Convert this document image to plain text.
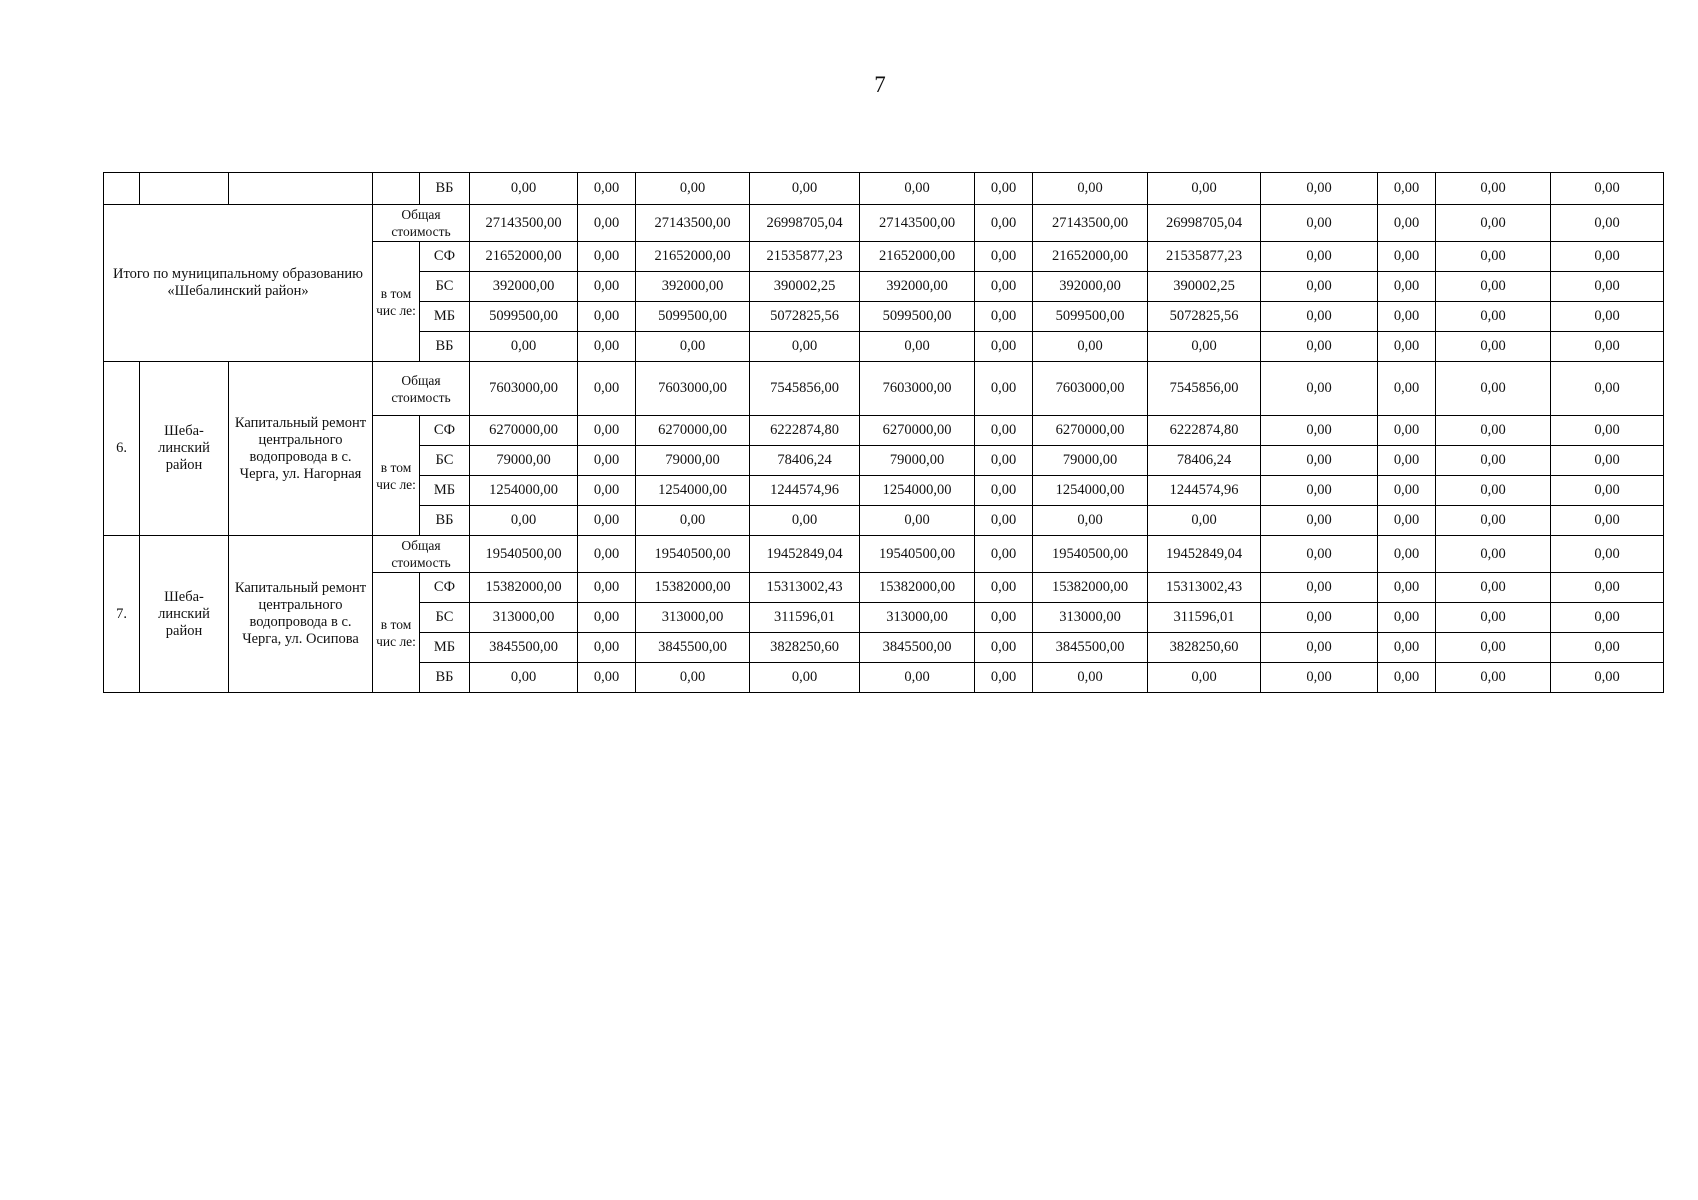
7
				ВБ	0,00	0,00	0,00	0,00	0,00	0,00	0,00	0,00	0,00	0,00	0,00	0,00
Итого по муниципальному образованию «Шебалинский район»			Общая стоимость		27143500,00	0,00	27143500,00	26998705,04	27143500,00	0,00	27143500,00	26998705,04	0,00	0,00	0,00	0,00
			в том чис ле:	СФ	21652000,00	0,00	21652000,00	21535877,23	21652000,00	0,00	21652000,00	21535877,23	0,00	0,00	0,00	0,00
				БС	392000,00	0,00	392000,00	390002,25	392000,00	0,00	392000,00	390002,25	0,00	0,00	0,00	0,00
				МБ	5099500,00	0,00	5099500,00	5072825,56	5099500,00	0,00	5099500,00	5072825,56	0,00	0,00	0,00	0,00
				ВБ	0,00	0,00	0,00	0,00	0,00	0,00	0,00	0,00	0,00	0,00	0,00	0,00
6.	Шеба-линский район	Капитальный ремонт центрального водопровода в с. Черга, ул. Нагорная	Общая стоимость		7603000,00	0,00	7603000,00	7545856,00	7603000,00	0,00	7603000,00	7545856,00	0,00	0,00	0,00	0,00
			в том чис ле:	СФ	6270000,00	0,00	6270000,00	6222874,80	6270000,00	0,00	6270000,00	6222874,80	0,00	0,00	0,00	0,00
				БС	79000,00	0,00	79000,00	78406,24	79000,00	0,00	79000,00	78406,24	0,00	0,00	0,00	0,00
				МБ	1254000,00	0,00	1254000,00	1244574,96	1254000,00	0,00	1254000,00	1244574,96	0,00	0,00	0,00	0,00
				ВБ	0,00	0,00	0,00	0,00	0,00	0,00	0,00	0,00	0,00	0,00	0,00	0,00
7.	Шеба-линский район	Капитальный ремонт центрального водопровода в с. Черга, ул. Осипова	Общая стоимость		19540500,00	0,00	19540500,00	19452849,04	19540500,00	0,00	19540500,00	19452849,04	0,00	0,00	0,00	0,00
			в том чис ле:	СФ	15382000,00	0,00	15382000,00	15313002,43	15382000,00	0,00	15382000,00	15313002,43	0,00	0,00	0,00	0,00
				БС	313000,00	0,00	313000,00	311596,01	313000,00	0,00	313000,00	311596,01	0,00	0,00	0,00	0,00
				МБ	3845500,00	0,00	3845500,00	3828250,60	3845500,00	0,00	3845500,00	3828250,60	0,00	0,00	0,00	0,00
				ВБ	0,00	0,00	0,00	0,00	0,00	0,00	0,00	0,00	0,00	0,00	0,00	0,00
